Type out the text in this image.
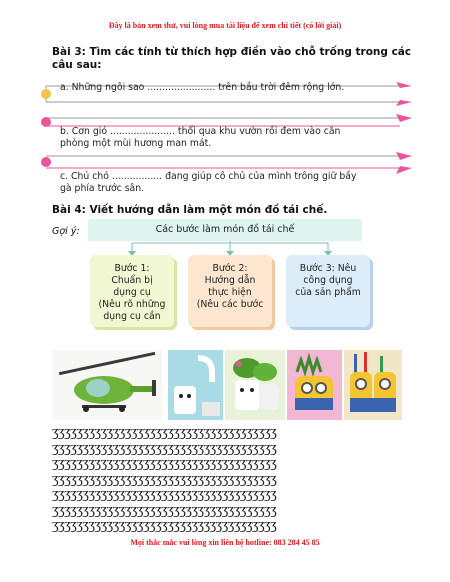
Đây là bản xem thử, vui lòng mua tài liệu để xem chi tiết (có lời giải)
Bài 3: Tìm các tính từ thích hợp điền vào chỗ trống trong các câu sau:
a. Những ngôi sao ....................... trên bầu trời đêm rộng lớn.
b. Cơn gió ...................... thổi qua khu vườn rồi đem vào căn
phòng một mùi hương man mát.
c. Chú chó ................. đang giúp cô chủ của mình trông giữ bầy
gà phía trước sân.
Bài 4: Viết hướng dẫn làm một món đồ tái chế.
Gợi ý:	Các bước làm món đồ tái chế
Bước 1:
Chuẩn bị
dụng cụ
(Nêu rõ những
dụng cụ cần
Bước 2:
Hướng dẫn
thực hiện
(Nêu các bước
Bước 3: Nêu
công dụng
của sản phẩm
ӡӡӡӡӡӡӡӡӡӡӡӡӡӡӡӡӡӡӡӡӡӡӡӡӡӡӡӡӡӡӡӡӡӡӡӡӡ
ӡӡӡӡӡӡӡӡӡӡӡӡӡӡӡӡӡӡӡӡӡӡӡӡӡӡӡӡӡӡӡӡӡӡӡӡӡ
ӡӡӡӡӡӡӡӡӡӡӡӡӡӡӡӡӡӡӡӡӡӡӡӡӡӡӡӡӡӡӡӡӡӡӡӡӡ
ӡӡӡӡӡӡӡӡӡӡӡӡӡӡӡӡӡӡӡӡӡӡӡӡӡӡӡӡӡӡӡӡӡӡӡӡӡ
ӡӡӡӡӡӡӡӡӡӡӡӡӡӡӡӡӡӡӡӡӡӡӡӡӡӡӡӡӡӡӡӡӡӡӡӡӡ
ӡӡӡӡӡӡӡӡӡӡӡӡӡӡӡӡӡӡӡӡӡӡӡӡӡӡӡӡӡӡӡӡӡӡӡӡӡ
ӡӡӡӡӡӡӡӡӡӡӡӡӡӡӡӡӡӡӡӡӡӡӡӡӡӡӡӡӡӡӡӡӡӡӡӡӡ
Mọi thắc mắc vui lòng xin liên hệ hotline: 083 284 45 85
